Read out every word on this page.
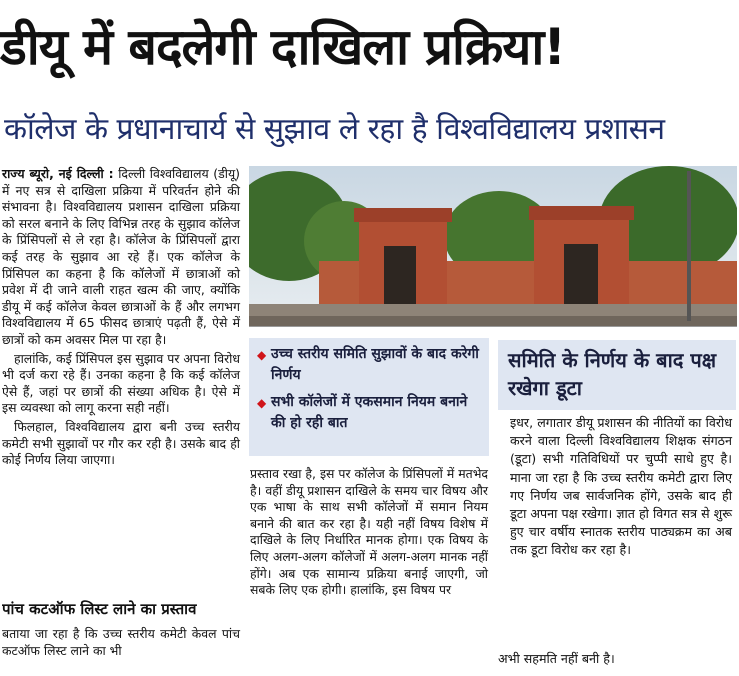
डीयू में बदलेगी दाखिला प्रक्रिया!
कॉलेज के प्रधानाचार्य से सुझाव ले रहा है विश्वविद्यालय प्रशासन

राज्य ब्यूरो, नई दिल्ली : दिल्ली विश्वविद्यालय (डीयू) में नए सत्र से दाखिला प्रक्रिया में परिवर्तन होने की संभावना है। विश्वविद्यालय प्रशासन दाखिला प्रक्रिया को सरल बनाने के लिए विभिन्न तरह के सुझाव कॉलेज के प्रिंसिपलों से ले रहा है। कॉलेज के प्रिंसिपलों द्वारा कई तरह के सुझाव आ रहे हैं। एक कॉलेज के प्रिंसिपल का कहना है कि कॉलेजों में छात्राओं को प्रवेश में दी जाने वाली राहत खत्म की जाए, क्योंकि डीयू में कई कॉलेज केवल छात्राओं के हैं और लगभग विश्वविद्यालय में 65 फीसद छात्राएं पढ़ती हैं, ऐसे में छात्रों को कम अवसर मिल पा रहा है।

हालांकि, कई प्रिंसिपल इस सुझाव पर अपना विरोध भी दर्ज करा रहे हैं। उनका कहना है कि कई कॉलेज ऐसे हैं, जहां पर छात्रों की संख्या अधिक है। ऐसे में इस व्यवस्था को लागू करना सही नहीं।

फिलहाल, विश्वविद्यालय द्वारा बनी उच्च स्तरीय कमेटी सभी सुझावों पर गौर कर रही है। उसके बाद ही कोई निर्णय लिया जाएगा।

पांच कटऑफ लिस्ट लाने का प्रस्ताव

बताया जा रहा है कि उच्च स्तरीय कमेटी केवल पांच कटऑफ लिस्ट लाने का भी

◆ उच्च स्तरीय समिति सुझावों के बाद करेगी निर्णय
◆ सभी कॉलेजों में एकसमान नियम बनाने की हो रही बात

प्रस्ताव रखा है, इस पर कॉलेज के प्रिंसिपलों में मतभेद है। वहीं डीयू प्रशासन दाखिले के समय चार विषय और एक भाषा के साथ सभी कॉलेजों में समान नियम बनाने की बात कर रहा है। यही नहीं विषय विशेष में दाखिले के लिए निर्धारित मानक होगा। एक विषय के लिए अलग-अलग कॉलेजों में अलग-अलग मानक नहीं होंगे। अब एक सामान्य प्रक्रिया बनाई जाएगी, जो सबके लिए एक होगी। हालांकि, इस विषय पर

समिति के निर्णय के बाद पक्ष रखेगा डूटा

इधर, लगातार डीयू प्रशासन की नीतियों का विरोध करने वाला दिल्ली विश्वविद्यालय शिक्षक संगठन (डूटा) सभी गतिविधियों पर चुप्पी साधे हुए है। माना जा रहा है कि उच्च स्तरीय कमेटी द्वारा लिए गए निर्णय जब सार्वजनिक होंगे, उसके बाद ही डूटा अपना पक्ष रखेगा। ज्ञात हो विगत सत्र से शुरू हुए चार वर्षीय स्नातक स्तरीय पाठ्यक्रम का अब तक डूटा विरोध कर रहा है।

अभी सहमति नहीं बनी है।
